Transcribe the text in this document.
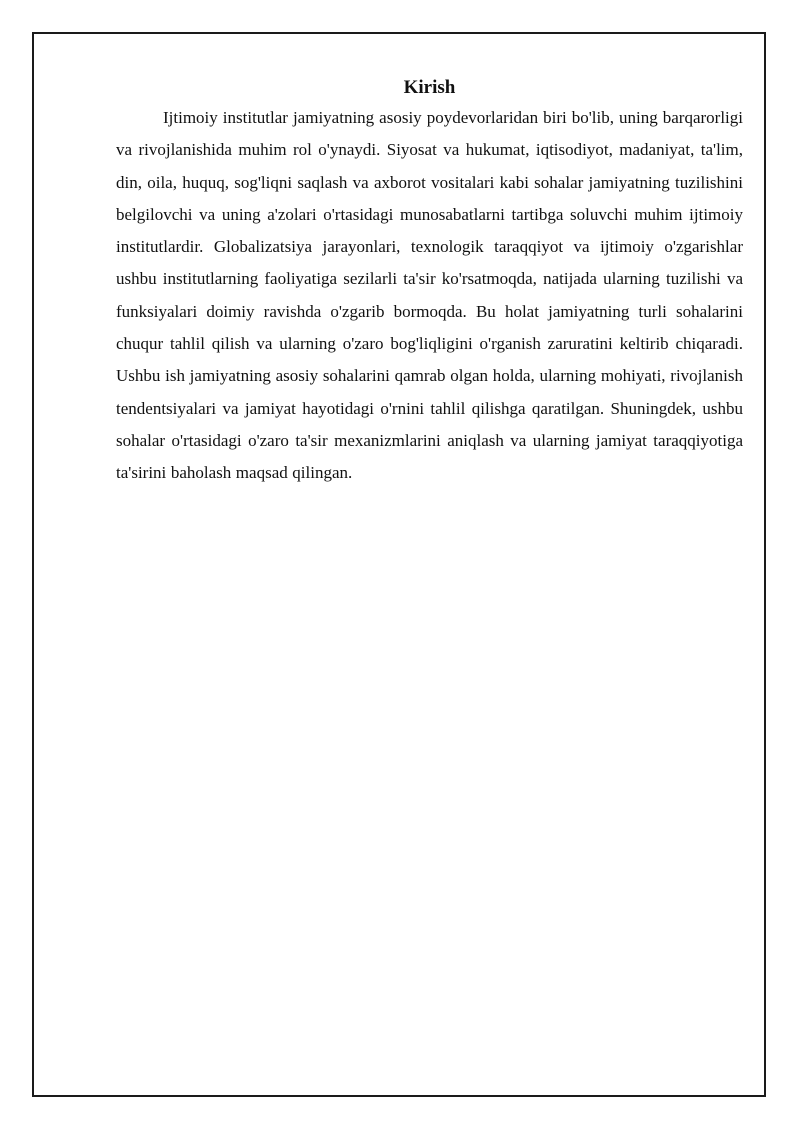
Kirish

Ijtimoiy institutlar jamiyatning asosiy poydevorlaridan biri bo'lib, uning barqarorligi va rivojlanishida muhim rol o'ynaydi. Siyosat va hukumat, iqtisodiyot, madaniyat, ta'lim, din, oila, huquq, sog'liqni saqlash va axborot vositalari kabi sohalar jamiyatning tuzilishini belgilovchi va uning a'zolari o'rtasidagi munosabatlarni tartibga soluvchi muhim ijtimoiy institutlardir. Globalizatsiya jarayonlari, texnologik taraqqiyot va ijtimoiy o'zgarishlar ushbu institutlarning faoliyatiga sezilarli ta'sir ko'rsatmoqda, natijada ularning tuzilishi va funksiyalari doimiy ravishda o'zgarib bormoqda. Bu holat jamiyatning turli sohalarini chuqur tahlil qilish va ularning o'zaro bog'liqligini o'rganish zaruratini keltirib chiqaradi. Ushbu ish jamiyatning asosiy sohalarini qamrab olgan holda, ularning mohiyati, rivojlanish tendentsiyalari va jamiyat hayotidagi o'rnini tahlil qilishga qaratilgan. Shuningdek, ushbu sohalar o'rtasidagi o'zaro ta'sir mexanizmlarini aniqlash va ularning jamiyat taraqqiyotiga ta'sirini baholash maqsad qilingan.
